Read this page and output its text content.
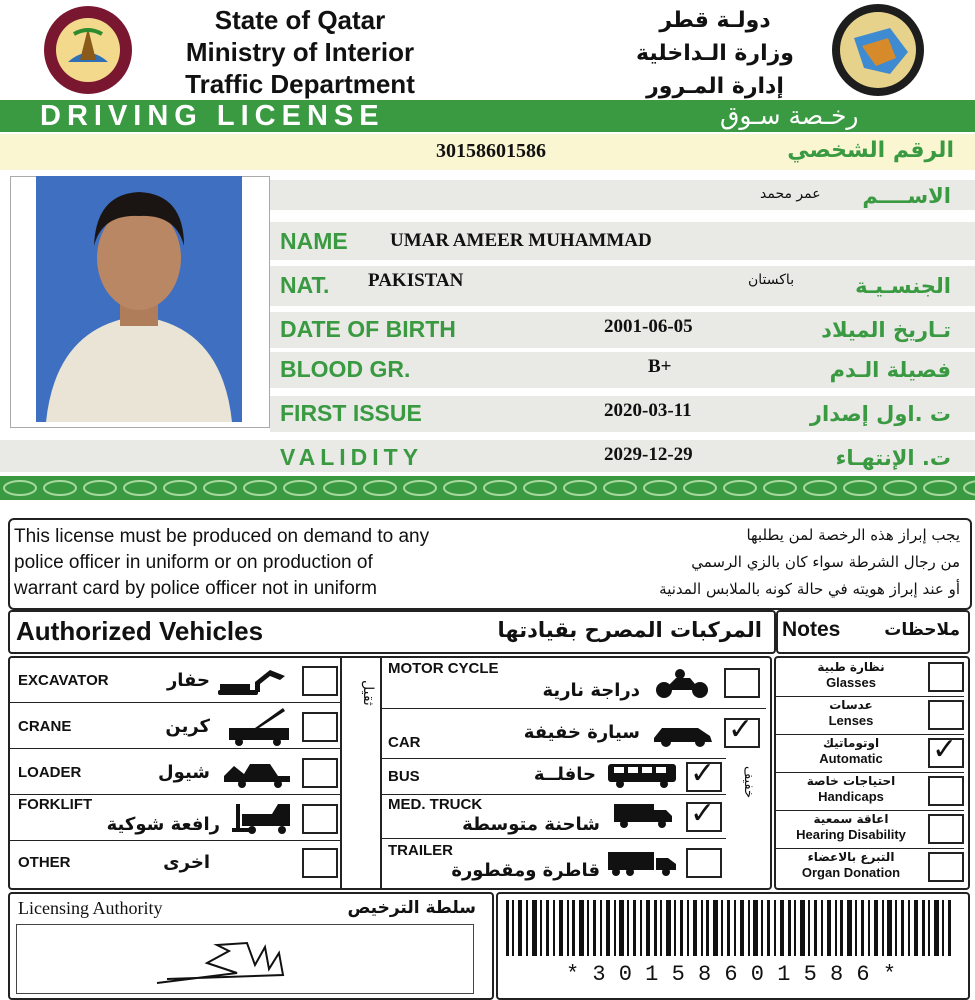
State of Qatar
Ministry of Interior
Traffic Department
دولـة قطر
وزارة الـداخلية
إدارة المـرور
DRIVING LICENSE	رخـصة سـوق
30158601586	الرقم الشخصي
الاســــم
عمر محمد
NAME UMAR AMEER MUHAMMAD
NAT. PAKISTAN	باكستان	الجنسـيـة
DATE OF BIRTH	2001-06-05	تـاريخ الميلاد
BLOOD GR.	B+	فصيلة الـدم
FIRST ISSUE	2020-03-11	ت .اول إصدار
VALIDITY	2029-12-29	ت. الإنتهـاء
This license must be produced on demand to any
police officer in uniform or on production of
warrant card by police officer not in uniform
يجب إبراز هذه الرخصة لمن يطلبها
من رجال الشرطة سواء كان بالزي الرسمي
أو عند إبراز هويته في حالة كونه بالملابس المدنية
Authorized Vehicles	المركبات المصرح بقيادتها Notes	ملاحظات
ثقيل
خفيف
EXCAVATOR	حفار
CRANE	كرين
LOADER	شيول
FORKLIFT
رافعة شوكية
OTHER	اخرى
MOTOR CYCLE
دراجة نارية
CAR	سيارة خفيفة
✓
BUS	حافلــة
✓
MED. TRUCK
شاحنة متوسطة
✓
TRAILER
قاطرة ومقطورة
نظارة طبية
Glasses
عدسات
Lenses
اوتوماتيك
Automatic
✓
احتياجات خاصة
Handicaps
اعاقة سمعية
Hearing Disability
التبرع بالاعضاء
Organ Donation
Licensing Authority	سلطة الترخيص
* 3 0 1 5 8 6 0 1 5 8 6 *
